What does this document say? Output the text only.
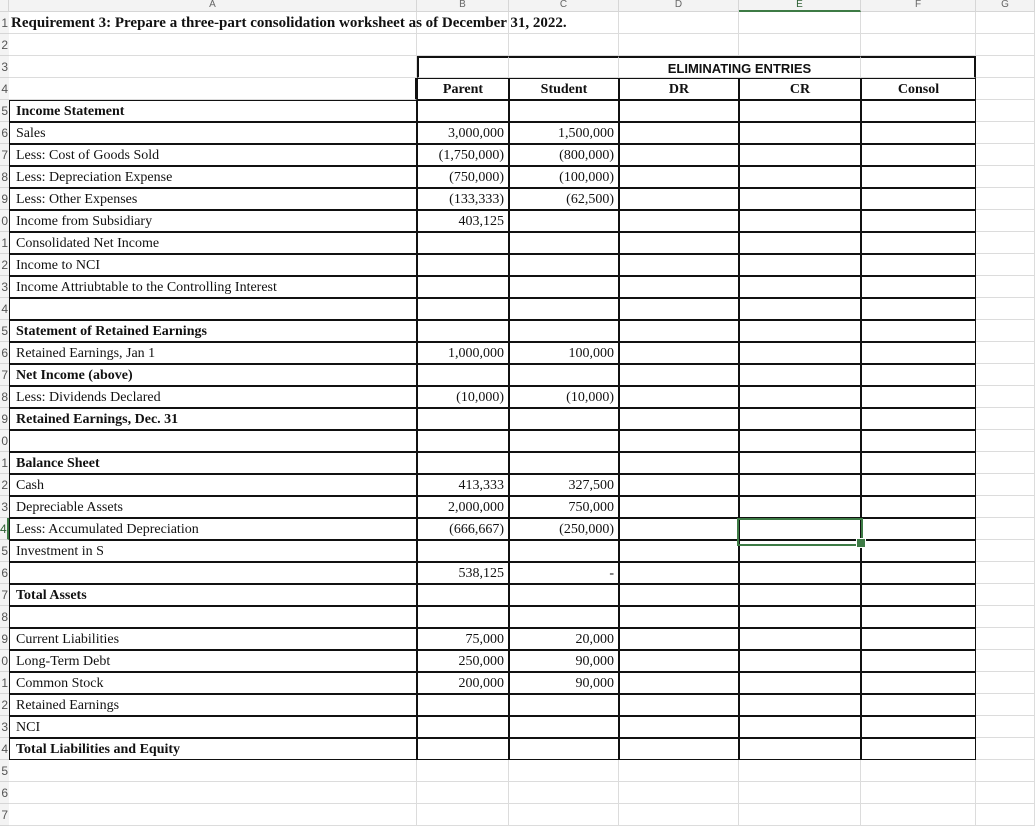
A	B	C	D	E	F	G
1
2
3
4
5
6
7
8
9
0
1
2
3
4
5
6
7
8
9
0
1
2
3
4
5
6
7
8
9
0
1
2
3
4
5
6
7
Requirement 3: Prepare a three-part consolidation worksheet as of December 31, 2022.
ELIMINATING ENTRIES
Parent	Student	DR	CR	Consol
Income Statement
Sales	3,000,000	1,500,000
Less: Cost of Goods Sold	(1,750,000)	(800,000)
Less: Depreciation Expense	(750,000)	(100,000)
Less: Other Expenses	(133,333)	(62,500)
Income from Subsidiary	403,125
Consolidated Net Income
Income to NCI
Income Attriubtable to the Controlling Interest
Statement of Retained Earnings
Retained Earnings, Jan 1	1,000,000	100,000
Net Income (above)
Less: Dividends Declared	(10,000)	(10,000)
Retained Earnings, Dec. 31
Balance Sheet
Cash	413,333	327,500
Depreciable Assets	2,000,000	750,000
Less: Accumulated Depreciation	(666,667)	(250,000)
Investment in S
538,125	-
Total Assets
Current Liabilities	75,000	20,000
Long-Term Debt	250,000	90,000
Common Stock	200,000	90,000
Retained Earnings
NCI
Total Liabilities and Equity
